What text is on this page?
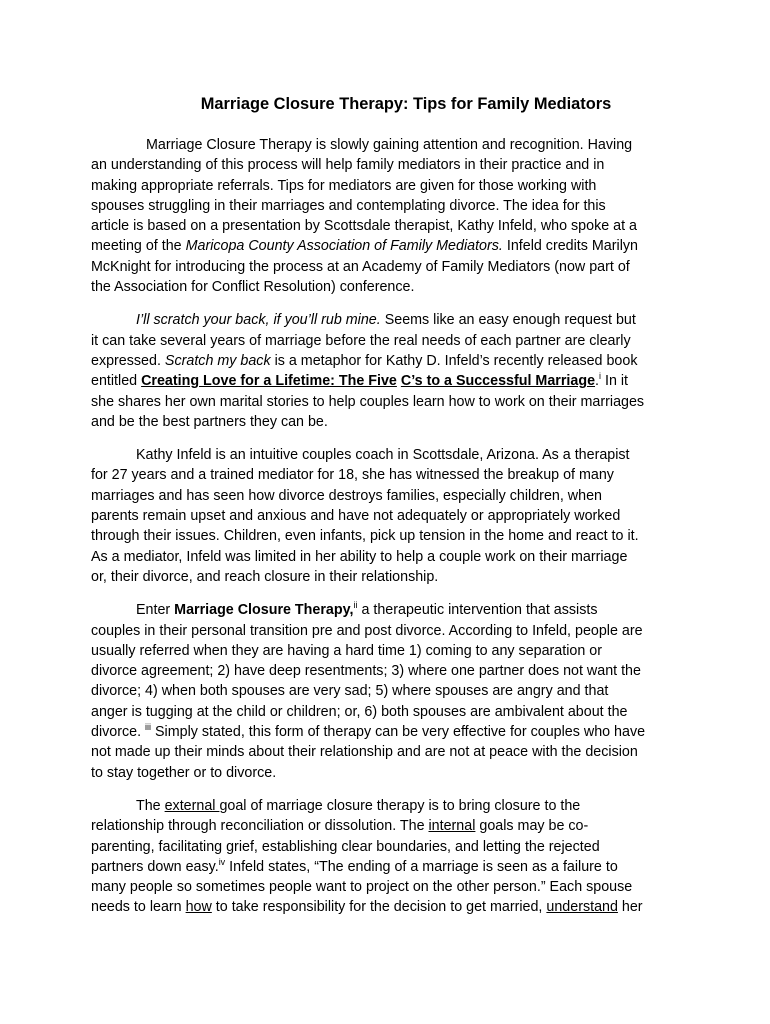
Marriage Closure Therapy: Tips for Family Mediators

Marriage Closure Therapy is slowly gaining attention and recognition. Having
an understanding of this process will help family mediators in their practice and in
making appropriate referrals. Tips for mediators are given for those working with
spouses struggling in their marriages and contemplating divorce. The idea for this
article is based on a presentation by Scottsdale therapist, Kathy Infeld, who spoke at a
meeting of the Maricopa County Association of Family Mediators. Infeld credits Marilyn
McKnight for introducing the process at an Academy of Family Mediators (now part of
the Association for Conflict Resolution) conference.

I’ll scratch your back, if you’ll rub mine. Seems like an easy enough request but
it can take several years of marriage before the real needs of each partner are clearly
expressed. Scratch my back is a metaphor for Kathy D. Infeld’s recently released book
entitled Creating Love for a Lifetime: The Five C’s to a Successful Marriage.$^i$ In it
she shares her own marital stories to help couples learn how to work on their marriages
and be the best partners they can be.

Kathy Infeld is an intuitive couples coach in Scottsdale, Arizona. As a therapist
for 27 years and a trained mediator for 18, she has witnessed the breakup of many
marriages and has seen how divorce destroys families, especially children, when
parents remain upset and anxious and have not adequately or appropriately worked
through their issues. Children, even infants, pick up tension in the home and react to it.
As a mediator, Infeld was limited in her ability to help a couple work on their marriage
or, their divorce, and reach closure in their relationship.

Enter Marriage Closure Therapy,$^{ii}$ a therapeutic intervention that assists
couples in their personal transition pre and post divorce. According to Infeld, people are
usually referred when they are having a hard time 1) coming to any separation or
divorce agreement; 2) have deep resentments; 3) where one partner does not want the
divorce; 4) when both spouses are very sad; 5) where spouses are angry and that
anger is tugging at the child or children; or, 6) both spouses are ambivalent about the
divorce. $^{iii}$ Simply stated, this form of therapy can be very effective for couples who have
not made up their minds about their relationship and are not at peace with the decision
to stay together or to divorce.

The external goal of marriage closure therapy is to bring closure to the
relationship through reconciliation or dissolution. The internal goals may be co-
parenting, facilitating grief, establishing clear boundaries, and letting the rejected
partners down easy.$^{iv}$ Infeld states, “The ending of a marriage is seen as a failure to
many people so sometimes people want to project on the other person.” Each spouse
needs to learn how to take responsibility for the decision to get married, understand her
